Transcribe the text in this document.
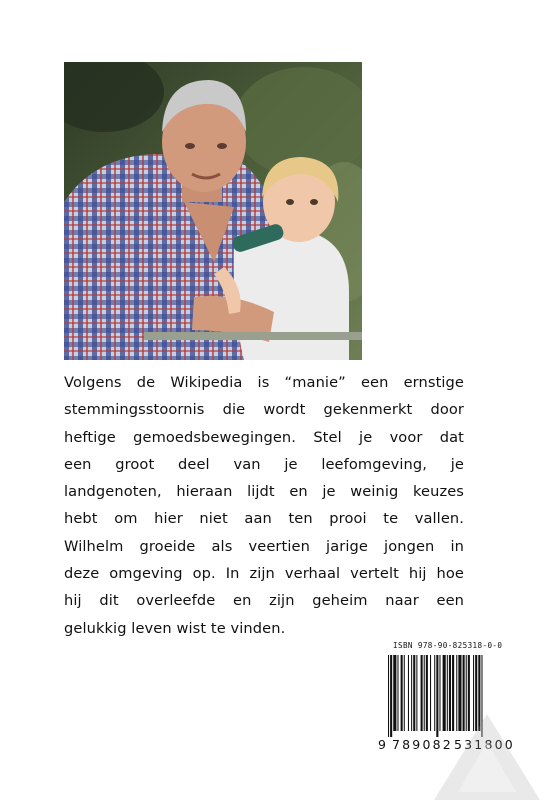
Volgens de Wikipedia is “manie” een ernstige
stemmingsstoornis die wordt gekenmerkt door
heftige gemoedsbewegingen. Stel je voor dat
een groot deel van je leefomgeving, je
landgenoten, hieraan lijdt en je weinig keuzes
hebt om hier niet aan ten prooi te vallen.
Wilhelm groeide als veertien jarige jongen in
deze omgeving op. In zijn verhaal vertelt hij hoe
hij dit overleefde en zijn geheim naar een
gelukkig leven wist te vinden.
ISBN 978-90-825318-0-0
9 789082 531800
